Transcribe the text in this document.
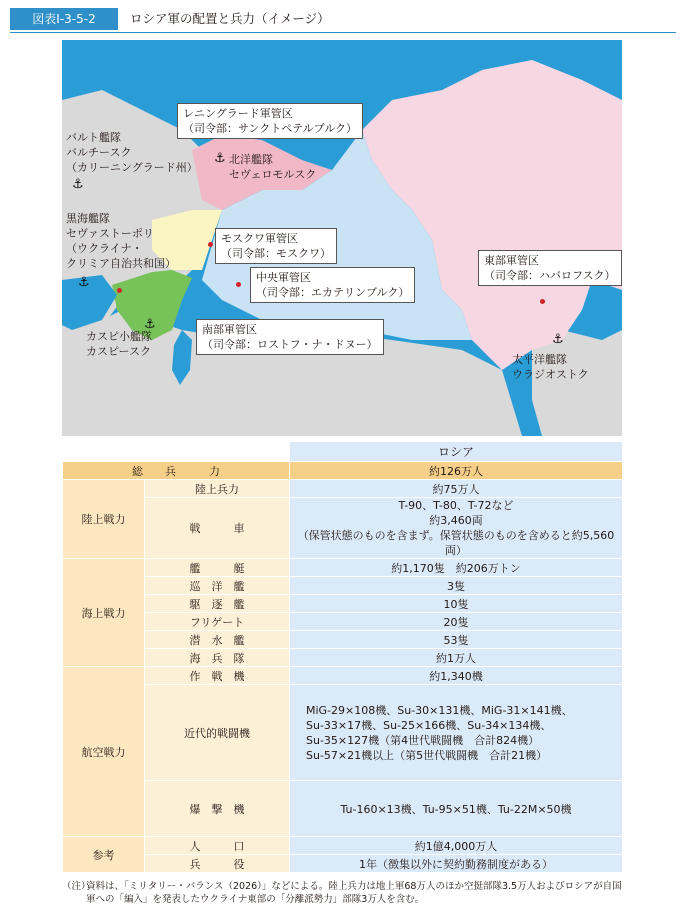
図表Ⅰ-3-5-2	ロシア軍の配置と兵力（イメージ）
レニングラード軍管区
（司令部：サンクトペテルブルク）
バルト艦隊
バルチースク
（カリーニングラード州）
⚓
⚓ 北洋艦隊
セヴェロモルスク
黒海艦隊
セヴァストーポリ
（ウクライナ・
クリミア自治共和国）
モスクワ軍管区
（司令部：モスクワ）
中央軍管区
（司令部：エカテリンブルク）
⚓
南部軍管区
（司令部：ロストフ・ナ・ドヌー）
⚓
カスピ小艦隊
カスピースク
東部軍管区
（司令部：ハバロフスク）
⚓
太平洋艦隊
ウラジオストク
		ロシア
総　　兵　　　力		約126万人
陸上戦力	陸上兵力	約75万人
	戦　　　車	T-90、T-80、T-72など
約3,460両
（保管状態のものを含まず。保管状態のものを含めると約5,560両）

海上戦力	艦　　　艇	約1,170隻　約206万トン
	巡　洋　艦	3隻
	駆　逐　艦	10隻
	フリゲート	20隻
	潜　水　艦	53隻
	海　兵　隊	約1万人
航空戦力	作　戦　機	約1,340機
	近代的戦闘機	MiG-29×108機、Su-30×131機、MiG-31×141機、
Su-33×17機、Su-25×166機、Su-34×134機、
Su-35×127機（第4世代戦闘機　合計824機）
Su-57×21機以上（第5世代戦闘機　合計21機）

	爆　撃　機	Tu-160×13機、Tu-95×51機、Tu-22M×50機
参考	人　　　口	約1億4,000万人
	兵　　　役	1年（徴集以外に契約勤務制度がある）
（注）
資料は、「ミリタリー・バランス（2026）」などによる。陸上兵力は地上軍68万人のほか空挺部隊3.5万人およびロシアが自国軍への「編入」を発表したウクライナ東部の「分離派勢力」部隊3万人を含む。
